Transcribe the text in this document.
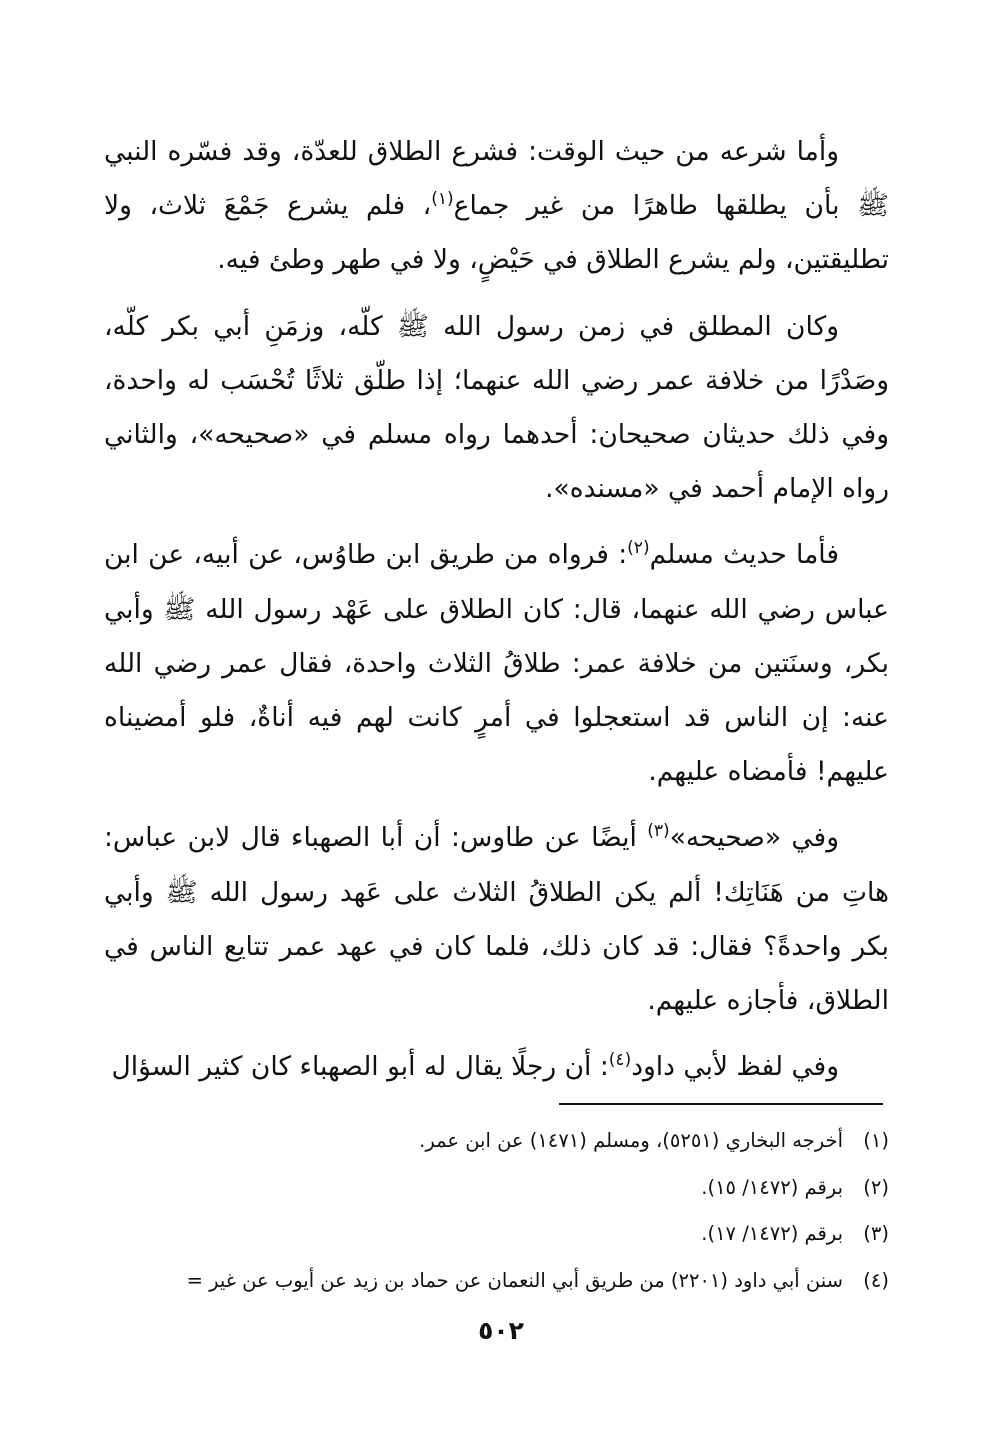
وأما شرعه من حيث الوقت: فشرع الطلاق للعدّة، وقد فسّره النبي ﷺ بأن يطلقها طاهرًا من غير جماع$^{(١)}$، فلم يشرع جَمْعَ ثلاث، ولا تطليقتين، ولم يشرع الطلاق في حَيْضٍ، ولا في طهر وطئ فيه.

وكان المطلق في زمن رسول الله ﷺ كلّه، وزمَنِ أبي بكر كلّه، وصَدْرًا من خلافة عمر رضي الله عنهما؛ إذا طلّق ثلاثًا تُحْسَب له واحدة، وفي ذلك حديثان صحيحان: أحدهما رواه مسلم في «صحيحه»، والثاني رواه الإمام أحمد في «مسنده».

فأما حديث مسلم$^{(٢)}$: فرواه من طريق ابن طاوُس، عن أبيه، عن ابن عباس رضي الله عنهما، قال: كان الطلاق على عَهْد رسول الله ﷺ وأبي بكر، وسنَتين من خلافة عمر: طلاقُ الثلاث واحدة، فقال عمر رضي الله عنه: إن الناس قد استعجلوا في أمرٍ كانت لهم فيه أناةٌ، فلو أمضيناه عليهم! فأمضاه عليهم.

وفي «صحيحه»$^{(٣)}$ أيضًا عن طاوس: أن أبا الصهباء قال لابن عباس: هاتِ من هَنَاتِك! ألم يكن الطلاقُ الثلاث على عَهد رسول الله ﷺ وأبي بكر واحدةً؟ فقال: قد كان ذلك، فلما كان في عهد عمر تتايع الناس في الطلاق، فأجازه عليهم.

وفي لفظ لأبي داود$^{(٤)}$: أن رجلًا يقال له أبو الصهباء كان كثير السؤال

(١)
أخرجه البخاري (٥٢٥١)، ومسلم (١٤٧١) عن ابن عمر.
(٢)
برقم (١٤٧٢/ ١٥).
(٣)
برقم (١٤٧٢/ ١٧).
(٤)
سنن أبي داود (٢٢٠١) من طريق أبي النعمان عن حماد بن زيد عن أيوب عن غير =
٥٠٢
